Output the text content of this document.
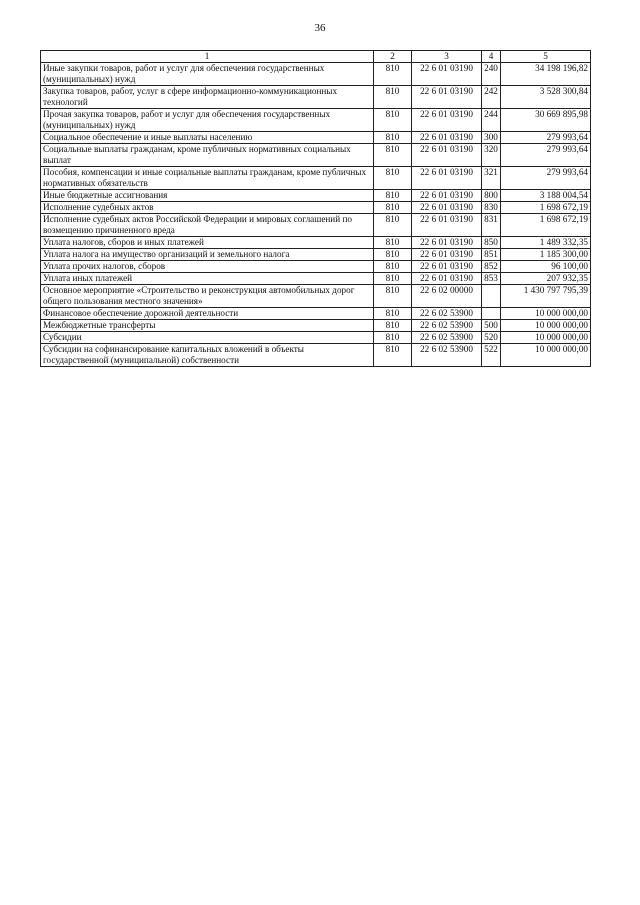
36
1	2	3	4	5
Иные закупки товаров, работ и услуг для обеспечения государственных (муниципальных) нужд	810	22 6 01 03190	240	34 198 196,82
Закупка товаров, работ, услуг в сфере информационно-коммуникационных технологий	810	22 6 01 03190	242	3 528 300,84
Прочая закупка товаров, работ и услуг для обеспечения государственных (муниципальных) нужд	810	22 6 01 03190	244	30 669 895,98
Социальное обеспечение и иные выплаты населению	810	22 6 01 03190	300	279 993,64
Социальные выплаты гражданам, кроме публичных нормативных социальных выплат	810	22 6 01 03190	320	279 993,64
Пособия, компенсации и иные социальные выплаты гражданам, кроме публичных нормативных обязательств	810	22 6 01 03190	321	279 993,64
Иные бюджетные ассигнования	810	22 6 01 03190	800	3 188 004,54
Исполнение судебных актов	810	22 6 01 03190	830	1 698 672,19
Исполнение судебных актов Российской Федерации и мировых соглашений по возмещению причиненного вреда	810	22 6 01 03190	831	1 698 672,19
Уплата налогов, сборов и иных платежей	810	22 6 01 03190	850	1 489 332,35
Уплата налога на имущество организаций и земельного налога	810	22 6 01 03190	851	1 185 300,00
Уплата прочих налогов, сборов	810	22 6 01 03190	852	96 100,00
Уплата иных платежей	810	22 6 01 03190	853	207 932,35
Основное мероприятие «Строительство и реконструкция автомобильных дорог общего пользования местного значения»	810	22 6 02 00000		1 430 797 795,39
Финансовое обеспечение дорожной деятельности	810	22 6 02 53900		10 000 000,00
Межбюджетные трансферты	810	22 6 02 53900	500	10 000 000,00
Субсидии	810	22 6 02 53900	520	10 000 000,00
Субсидии на софинансирование капитальных вложений в объекты государственной (муниципальной) собственности	810	22 6 02 53900	522	10 000 000,00
